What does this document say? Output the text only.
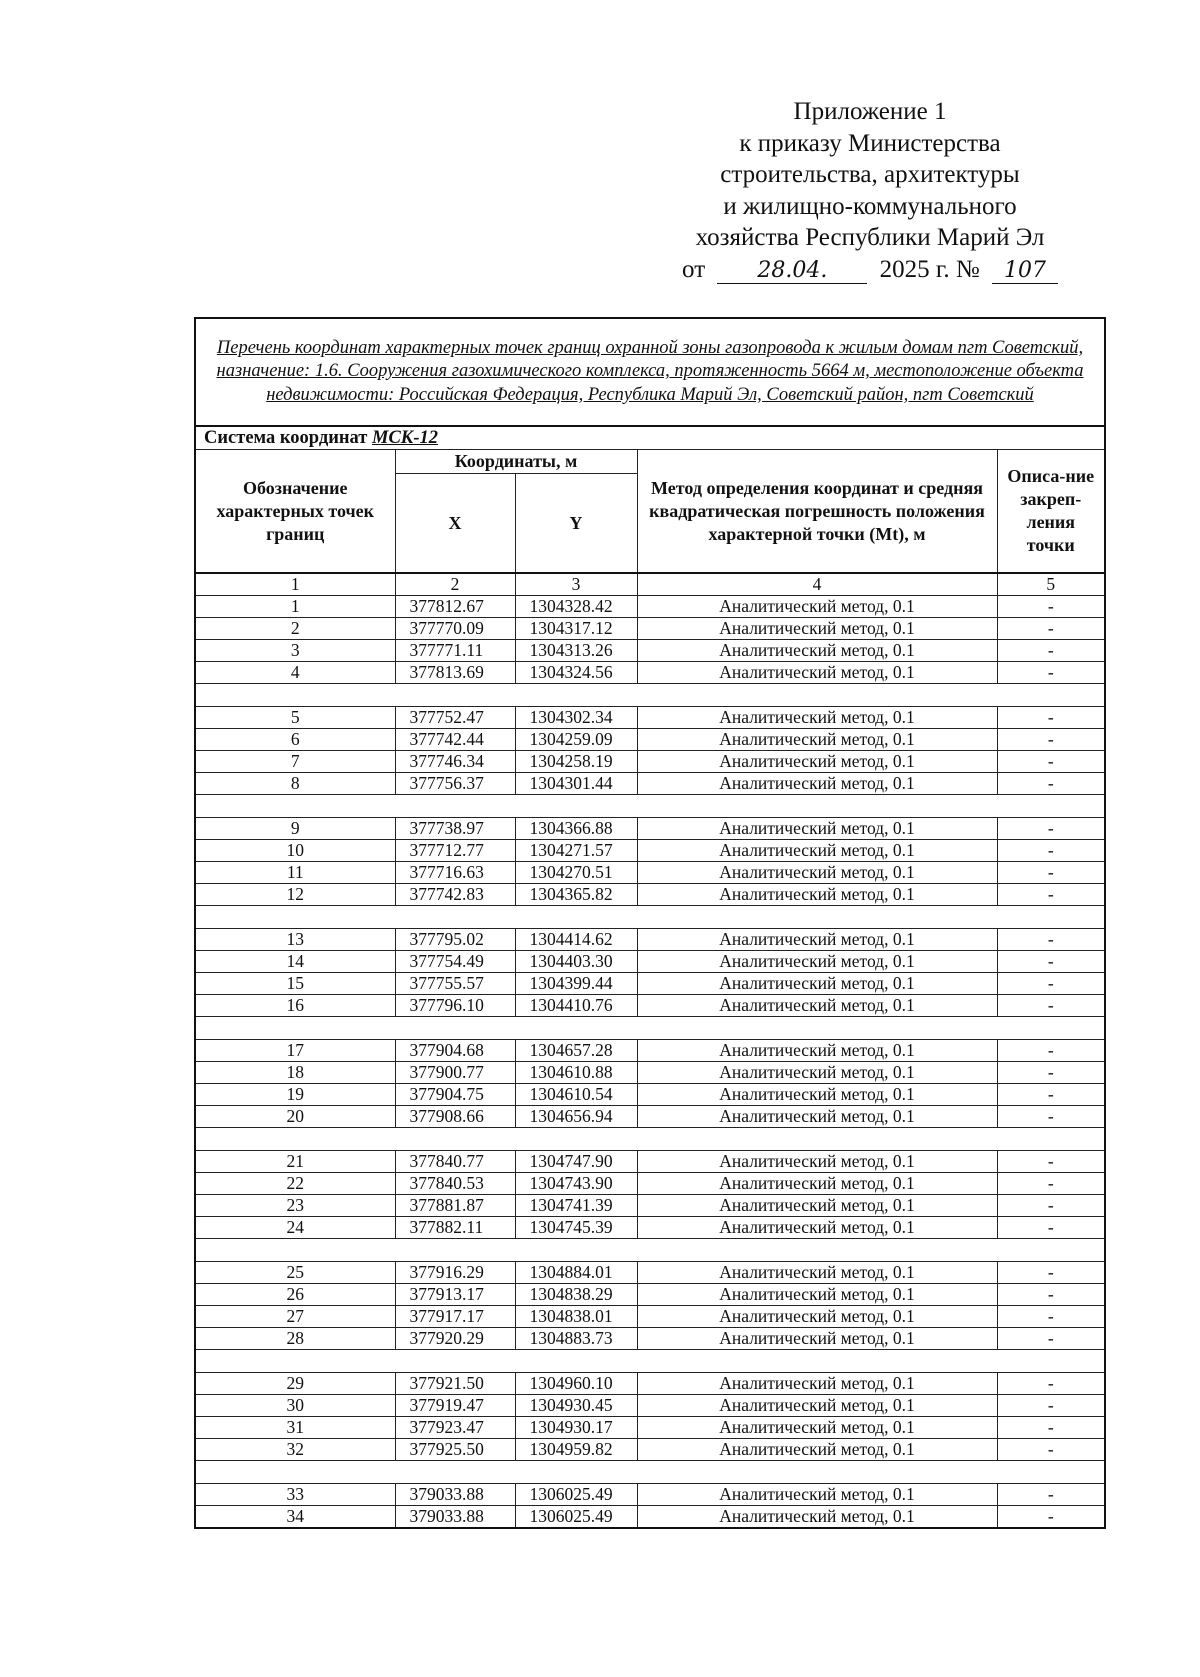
Приложение 1
к приказу Министерства
строительства, архитектуры
и жилищно-коммунального
хозяйства Республики Марий Эл
от 28.04. 2025 г. № 107
Перечень координат характерных точек границ охранной зоны газопровода к жилым домам пгт Советский, назначение: 1.6. Сооружения газохимического комплекса, протяженность 5664 м, местоположение объекта недвижимости: Российская Федерация, Республика Марий Эл, Советский район, пгт Советский				
Система координат МСК-12				
Обозначение характерных точек границ	Координаты, м		Метод определения координат и средняя квадратическая погрешность положения характерной точки (Mt), м	Описа-ние закреп-ления точки
	X	Y		
1	2	3	4	5
1	377812.67	1304328.42	Аналитический метод, 0.1	-
2	377770.09	1304317.12	Аналитический метод, 0.1	-
3	377771.11	1304313.26	Аналитический метод, 0.1	-
4	377813.69	1304324.56	Аналитический метод, 0.1	-

5	377752.47	1304302.34	Аналитический метод, 0.1	-
6	377742.44	1304259.09	Аналитический метод, 0.1	-
7	377746.34	1304258.19	Аналитический метод, 0.1	-
8	377756.37	1304301.44	Аналитический метод, 0.1	-

9	377738.97	1304366.88	Аналитический метод, 0.1	-
10	377712.77	1304271.57	Аналитический метод, 0.1	-
11	377716.63	1304270.51	Аналитический метод, 0.1	-
12	377742.83	1304365.82	Аналитический метод, 0.1	-

13	377795.02	1304414.62	Аналитический метод, 0.1	-
14	377754.49	1304403.30	Аналитический метод, 0.1	-
15	377755.57	1304399.44	Аналитический метод, 0.1	-
16	377796.10	1304410.76	Аналитический метод, 0.1	-

17	377904.68	1304657.28	Аналитический метод, 0.1	-
18	377900.77	1304610.88	Аналитический метод, 0.1	-
19	377904.75	1304610.54	Аналитический метод, 0.1	-
20	377908.66	1304656.94	Аналитический метод, 0.1	-

21	377840.77	1304747.90	Аналитический метод, 0.1	-
22	377840.53	1304743.90	Аналитический метод, 0.1	-
23	377881.87	1304741.39	Аналитический метод, 0.1	-
24	377882.11	1304745.39	Аналитический метод, 0.1	-

25	377916.29	1304884.01	Аналитический метод, 0.1	-
26	377913.17	1304838.29	Аналитический метод, 0.1	-
27	377917.17	1304838.01	Аналитический метод, 0.1	-
28	377920.29	1304883.73	Аналитический метод, 0.1	-

29	377921.50	1304960.10	Аналитический метод, 0.1	-
30	377919.47	1304930.45	Аналитический метод, 0.1	-
31	377923.47	1304930.17	Аналитический метод, 0.1	-
32	377925.50	1304959.82	Аналитический метод, 0.1	-

33	379033.88	1306025.49	Аналитический метод, 0.1	-
34	379033.88	1306025.49	Аналитический метод, 0.1	-
